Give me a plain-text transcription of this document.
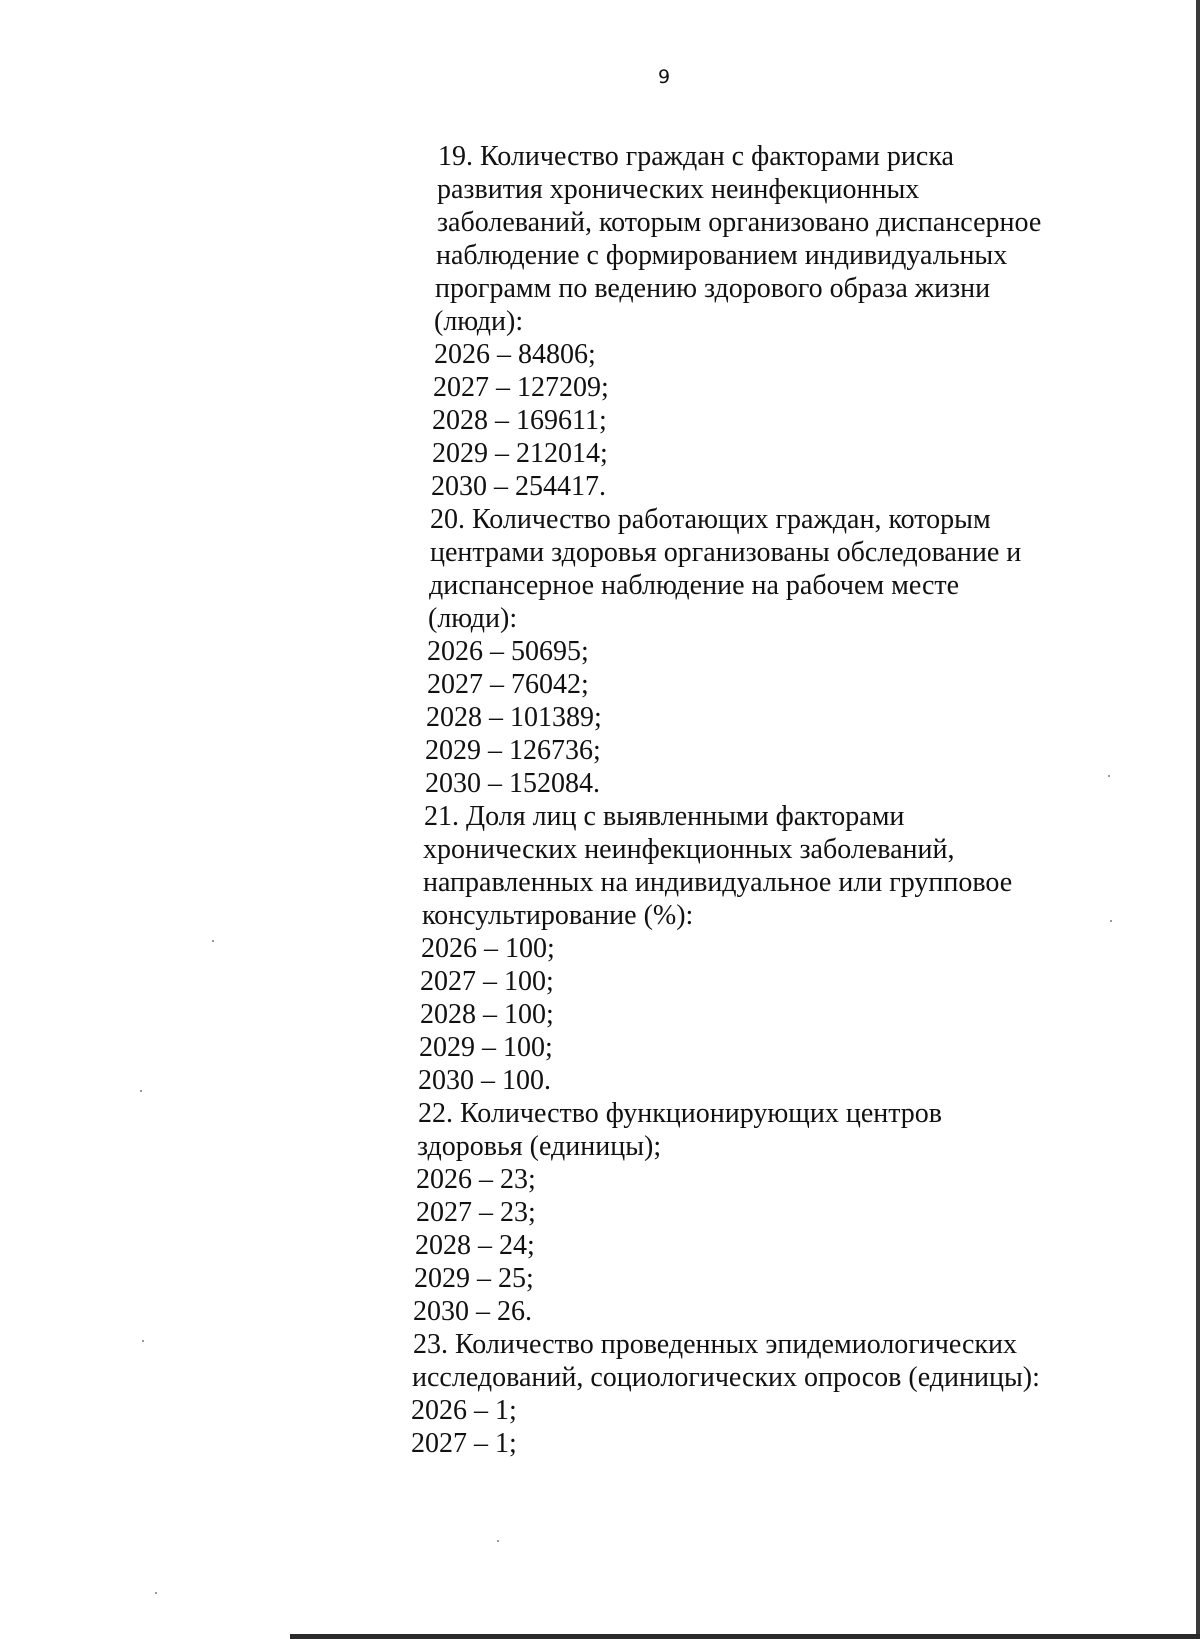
9
19. Количество граждан с факторами риска
развития хронических неинфекционных
заболеваний, которым организовано диспансерное
наблюдение с формированием индивидуальных
программ по ведению здорового образа жизни
(люди):
2026 – 84806;
2027 – 127209;
2028 – 169611;
2029 – 212014;
2030 – 254417.
20. Количество работающих граждан, которым
центрами здоровья организованы обследование и
диспансерное наблюдение на рабочем месте
(люди):
2026 – 50695;
2027 – 76042;
2028 – 101389;
2029 – 126736;
2030 – 152084.
21. Доля лиц с выявленными факторами
хронических неинфекционных заболеваний,
направленных на индивидуальное или групповое
консультирование (%):
2026 – 100;
2027 – 100;
2028 – 100;
2029 – 100;
2030 – 100.
22. Количество функционирующих центров
здоровья (единицы);
2026 – 23;
2027 – 23;
2028 – 24;
2029 – 25;
2030 – 26.
23. Количество проведенных эпидемиологических
исследований, социологических опросов (единицы):
2026 – 1;
2027 – 1;
